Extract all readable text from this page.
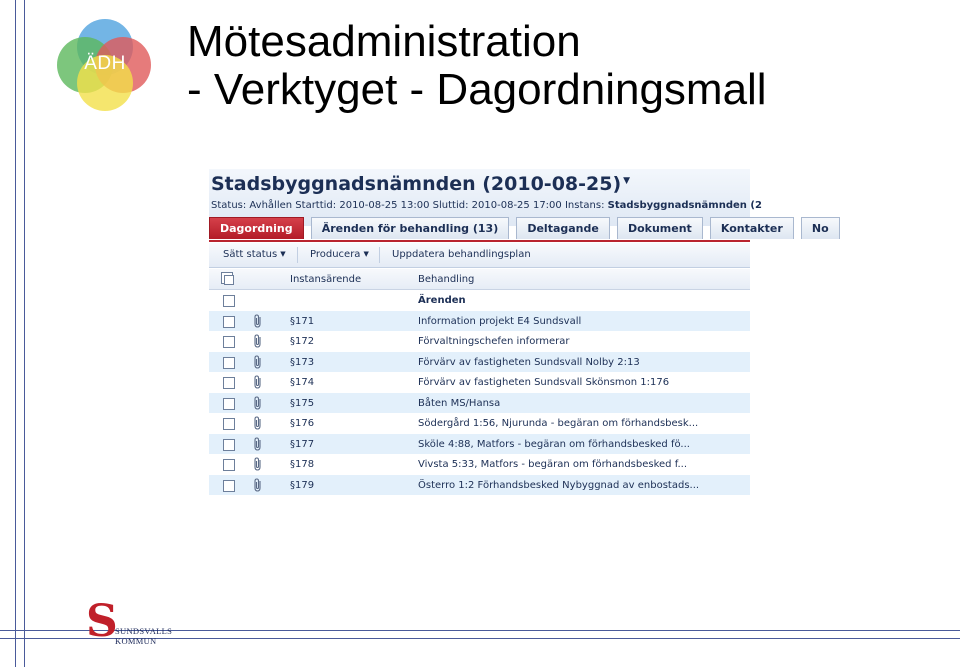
ÄDH	Mötesadministration
- Verktyget - Dagordningsmall
Stadsbyggnadsnämnden (2010-08-25) ▼
Status: Avhållen Starttid: 2010-08-25 13:00 Sluttid: 2010-08-25 17:00 Instans: Stadsbyggnadsnämnden (2
Dagordning	Ärenden för behandling (13)	Deltagande	Dokument	Kontakter	No
Sätt status ▼ Producera ▼ Uppdatera behandlingsplan
Instansärende	Behandling
Ärenden
§171	Information projekt E4 Sundsvall
§172	Förvaltningschefen informerar
§173	Förvärv av fastigheten Sundsvall Nolby 2:13
§174	Förvärv av fastigheten Sundsvall Skönsmon 1:176
§175	Båten MS/Hansa
§176	Södergård 1:56, Njurunda - begäran om förhandsbesk...
§177	Sköle 4:88, Matfors - begäran om förhandsbesked fö...
§178	Vivsta 5:33, Matfors - begäran om förhandsbesked f...
§179	Österro 1:2 Förhandsbesked Nybyggnad av enbostads...
S
SUNDSVALLS
KOMMUN
